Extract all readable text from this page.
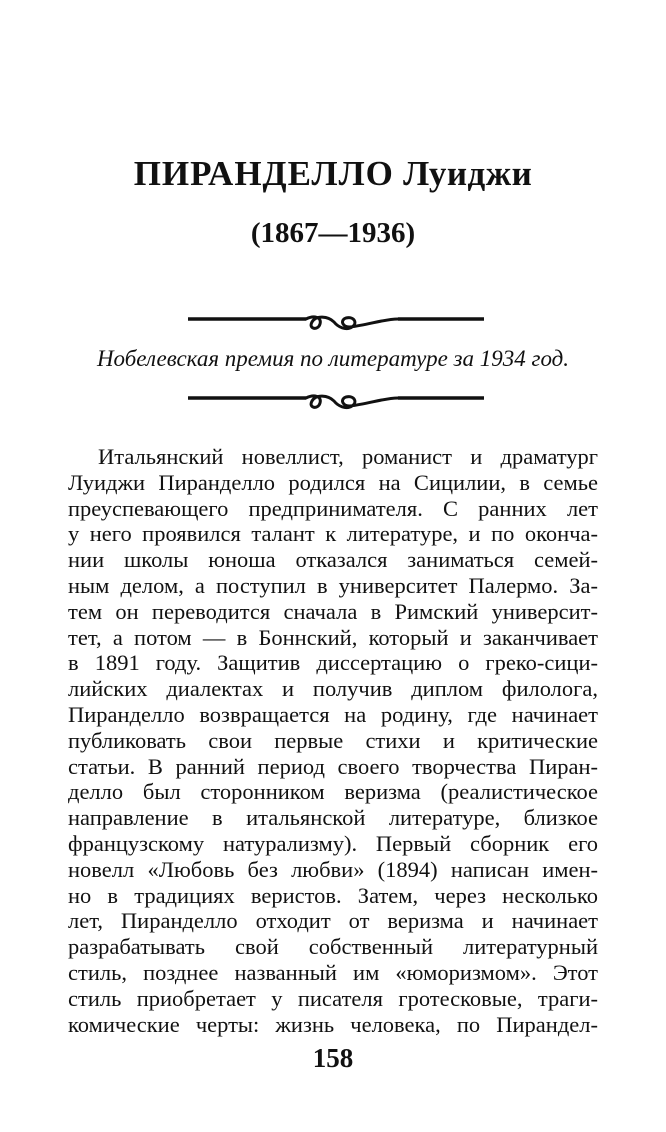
ПИРАНДЕЛЛО Луиджи
(1867—1936)
Нобелевская премия по литературе за 1934 год.
Итальянский новеллист, романист и драматург
Луиджи Пиранделло родился на Сицилии, в семье
преуспевающего предпринимателя. С ранних лет
у него проявился талант к литературе, и по оконча-
нии школы юноша отказался заниматься семей-
ным делом, а поступил в университет Палермо. За-
тем он переводится сначала в Римский университ-
тет, а потом — в Боннский, который и заканчивает
в 1891 году. Защитив диссертацию о греко-сици-
лийских диалектах и получив диплом филолога,
Пиранделло возвращается на родину, где начинает
публиковать свои первые стихи и критические
статьи. В ранний период своего творчества Пиран-
делло был сторонником веризма (реалистическое
направление в итальянской литературе, близкое
французскому натурализму). Первый сборник его
новелл «Любовь без любви» (1894) написан имен-
но в традициях веристов. Затем, через несколько
лет, Пиранделло отходит от веризма и начинает
разрабатывать свой собственный литературный
стиль, позднее названный им «юморизмом». Этот
стиль приобретает у писателя гротесковые, траги-
комические черты: жизнь человека, по Пирандел-
158
